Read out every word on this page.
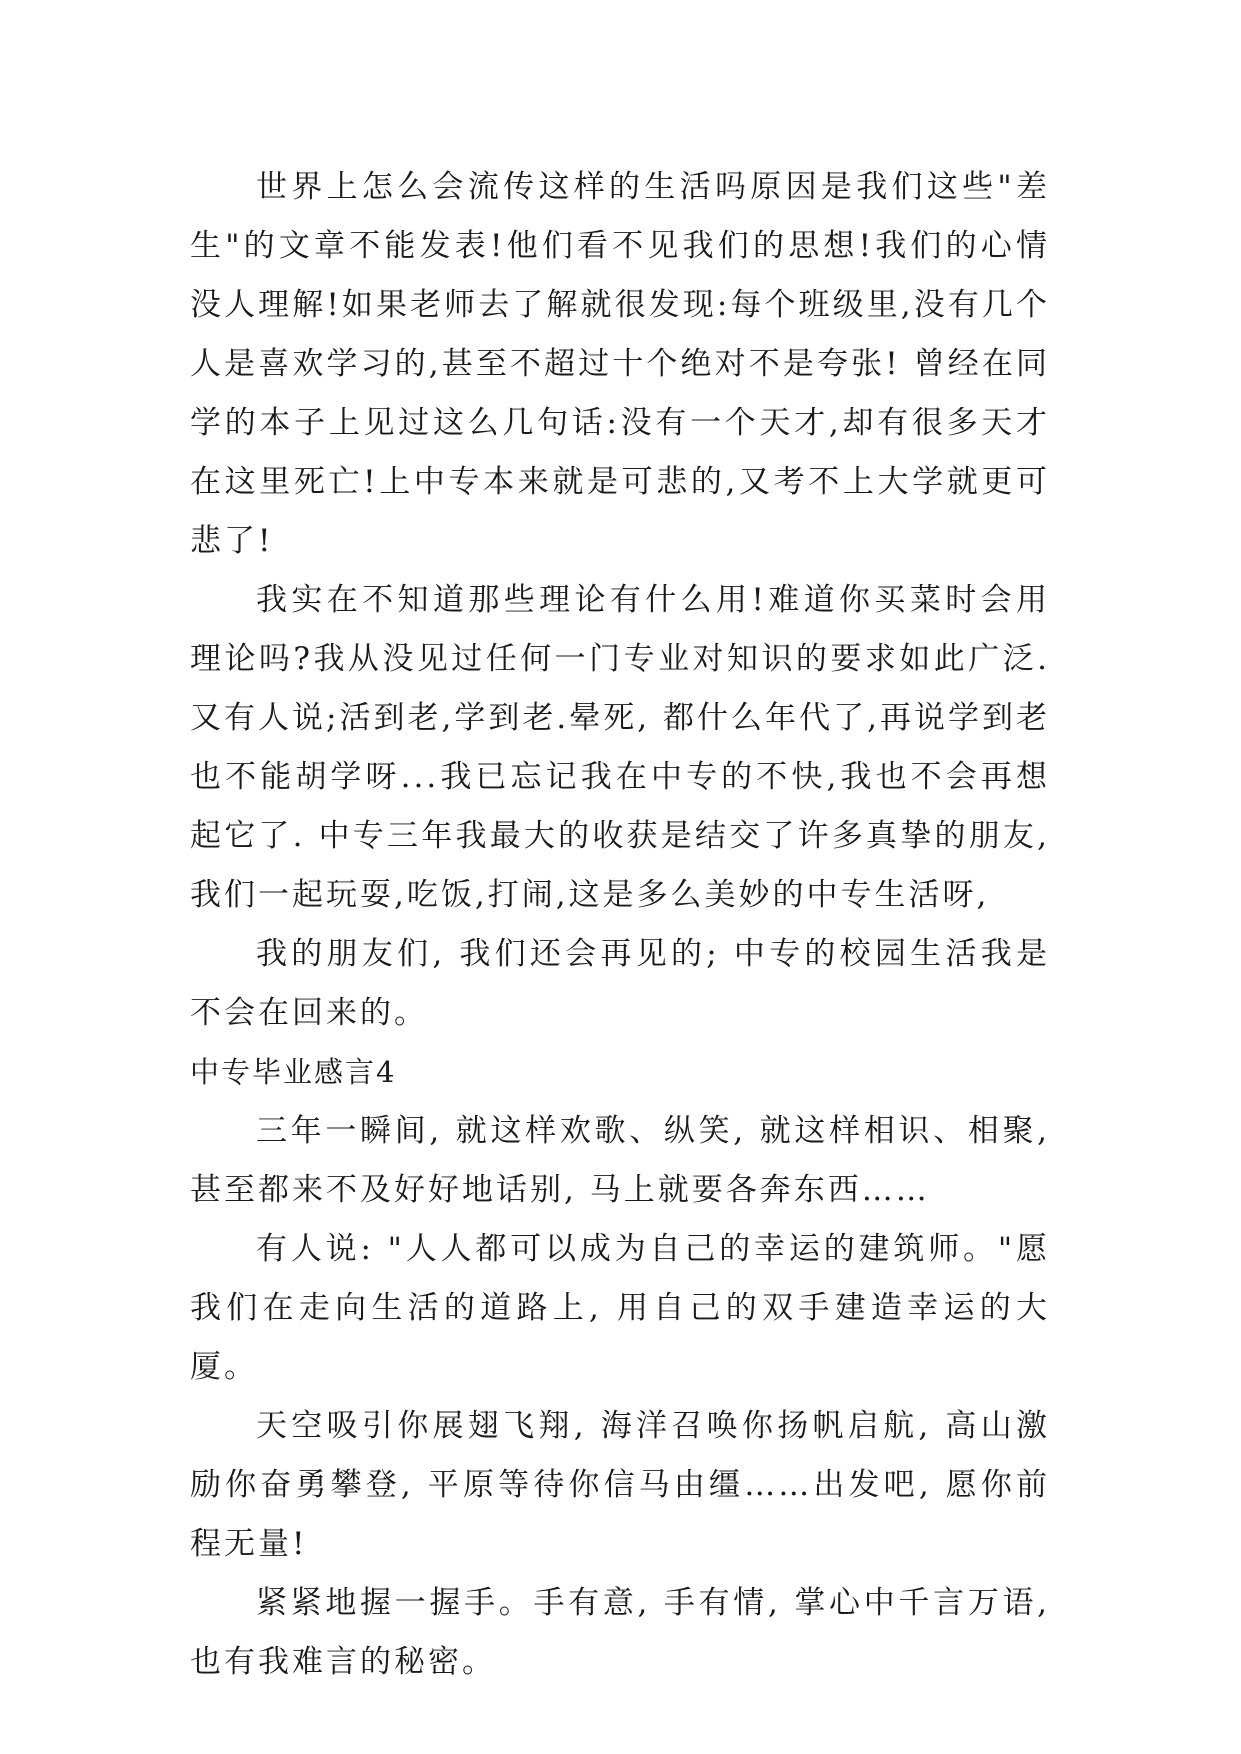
世界上怎么会流传这样的生活吗原因是我们这些"差生"的文章不能发表!他们看不见我们的思想!我们的心情没人理解!如果老师去了解就很发现:每个班级里,没有几个人是喜欢学习的,甚至不超过十个绝对不是夸张! 曾经在同学的本子上见过这么几句话:没有一个天才,却有很多天才在这里死亡!上中专本来就是可悲的,又考不上大学就更可悲了!

我实在不知道那些理论有什么用!难道你买菜时会用理论吗?我从没见过任何一门专业对知识的要求如此广泛. 又有人说;活到老,学到老.晕死, 都什么年代了,再说学到老也不能胡学呀...我已忘记我在中专的不快,我也不会再想起它了. 中专三年我最大的收获是结交了许多真挚的朋友,我们一起玩耍,吃饭,打闹,这是多么美妙的中专生活呀,

我的朋友们, 我们还会再见的; 中专的校园生活我是不会在回来的。

中专毕业感言4

三年一瞬间, 就这样欢歌、纵笑, 就这样相识、相聚, 甚至都来不及好好地话别, 马上就要各奔东西……

有人说: "人人都可以成为自己的幸运的建筑师。"愿我们在走向生活的道路上, 用自己的双手建造幸运的大厦。

天空吸引你展翅飞翔, 海洋召唤你扬帆启航, 高山激励你奋勇攀登, 平原等待你信马由缰……出发吧, 愿你前程无量!

紧紧地握一握手。手有意, 手有情, 掌心中千言万语, 也有我难言的秘密。
